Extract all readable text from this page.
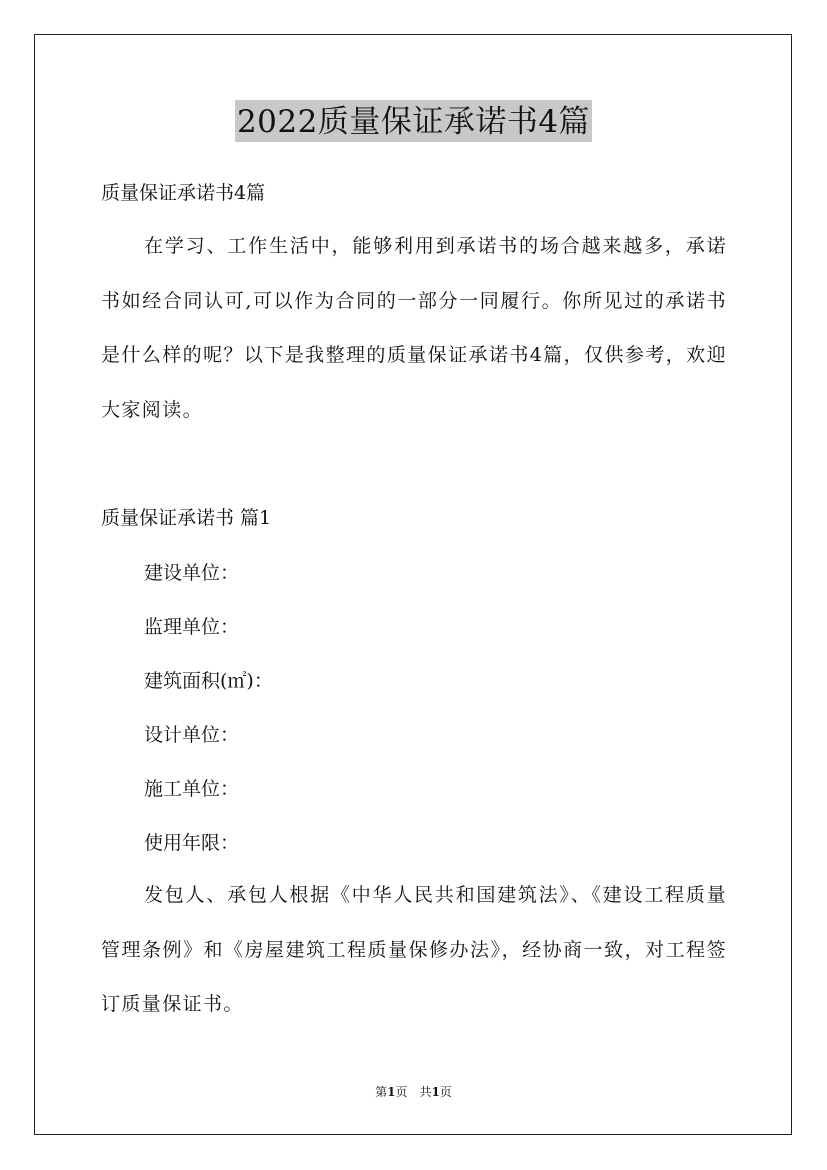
2022质量保证承诺书4篇
质量保证承诺书4篇
在学习、工作生活中，能够利用到承诺书的场合越来越多，承诺书如经合同认可,可以作为合同的一部分一同履行。你所见过的承诺书是什么样的呢？以下是我整理的质量保证承诺书4篇，仅供参考，欢迎大家阅读。
质量保证承诺书 篇1
建设单位：
监理单位：
建筑面积(㎡)：
设计单位：
施工单位：
使用年限：
发包人、承包人根据《中华人民共和国建筑法》、《建设工程质量管理条例》和《房屋建筑工程质量保修办法》，经协商一致，对工程签订质量保证书。
第1页　共1页
